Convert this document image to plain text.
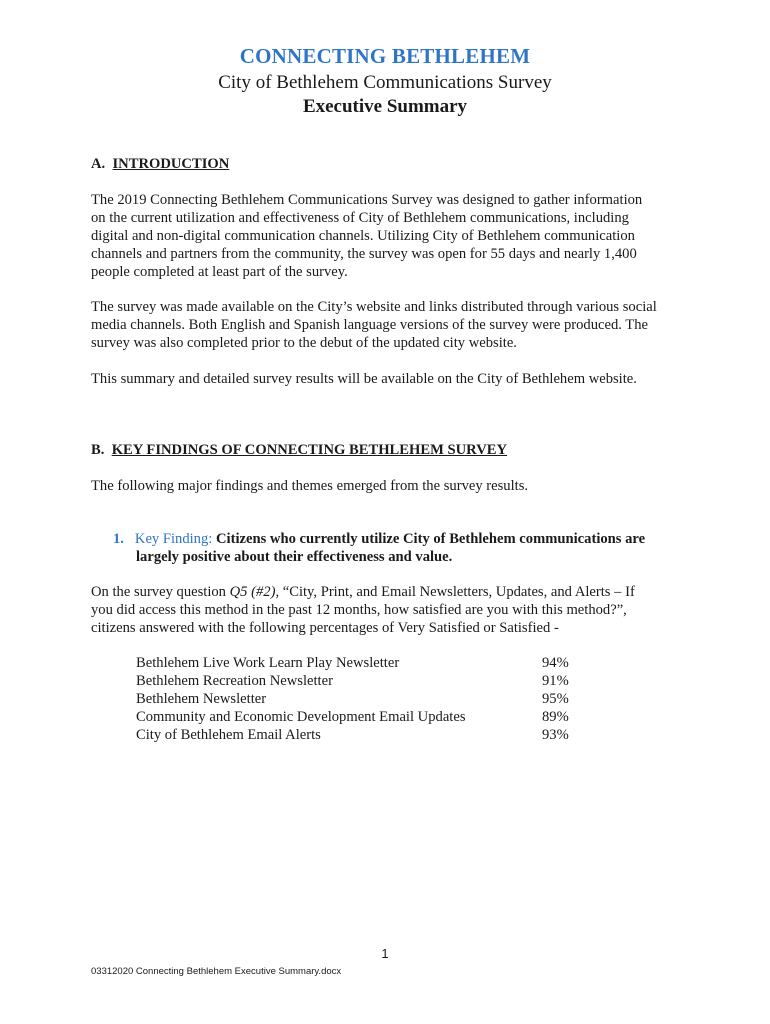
CONNECTING BETHLEHEM
City of Bethlehem Communications Survey
Executive Summary
A. INTRODUCTION
The 2019 Connecting Bethlehem Communications Survey was designed to gather information
on the current utilization and effectiveness of City of Bethlehem communications, including
digital and non-digital communication channels. Utilizing City of Bethlehem communication
channels and partners from the community, the survey was open for 55 days and nearly 1,400
people completed at least part of the survey.
The survey was made available on the City’s website and links distributed through various social
media channels. Both English and Spanish language versions of the survey were produced. The
survey was also completed prior to the debut of the updated city website.
This summary and detailed survey results will be available on the City of Bethlehem website.
B. KEY FINDINGS OF CONNECTING BETHLEHEM SURVEY
The following major findings and themes emerged from the survey results.
1. Key Finding: Citizens who currently utilize City of Bethlehem communications are
largely positive about their effectiveness and value.
On the survey question Q5 (#2), “City, Print, and Email Newsletters, Updates, and Alerts – If
you did access this method in the past 12 months, how satisfied are you with this method?”,
citizens answered with the following percentages of Very Satisfied or Satisfied -
Bethlehem Live Work Learn Play Newsletter	94%
Bethlehem Recreation Newsletter	91%
Bethlehem Newsletter	95%
Community and Economic Development Email Updates	89%
City of Bethlehem Email Alerts	93%
1
03312020 Connecting Bethlehem Executive Summary.docx
